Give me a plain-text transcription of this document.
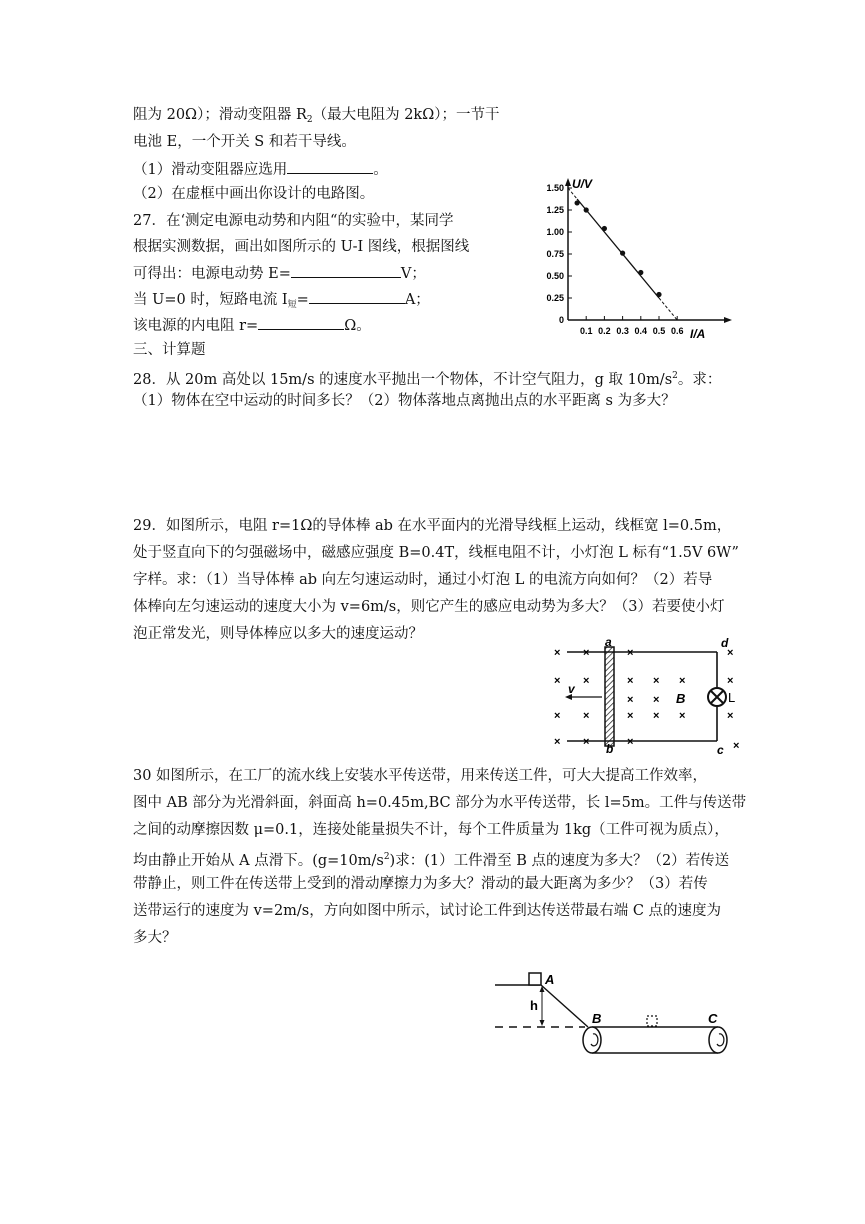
阻为 20Ω）；滑动变阻器 $R_2$（最大电阻为 2kΩ）；一节干
电池 E，一个开关 S 和若干导线。
（1）滑动变阻器应选用	。
（2）在虚框中画出你设计的电路图。
27．在‘测定电源电动势和内阻“的实验中，某同学
根据实测数据，画出如图所示的 U-I 图线，根据图线
可得出：电源电动势 E=	V；
当 U=0 时，短路电流 $I_短=$	A；
该电源的内电阻 r=	Ω。
三、计算题
28．从 20m 高处以 15m/s 的速度水平抛出一个物体，不计空气阻力，g 取 $10m/s^2$。求：
（1）物体在空中运动的时间多长？（2）物体落地点离抛出点的水平距离 s 为多大？
29．如图所示，电阻 r=1Ω的导体棒 ab 在水平面内的光滑导线框上运动，线框宽 l=0.5m，
处于竖直向下的匀强磁场中，磁感应强度 B=0.4T，线框电阻不计，小灯泡 L 标有“1.5V 6W”
字样。求：（1）当导体棒 ab 向左匀速运动时，通过小灯泡 L 的电流方向如何？（2）若导
体棒向左匀速运动的速度大小为 v=6m/s，则它产生的感应电动势为多大？（3）若要使小灯
泡正常发光，则导体棒应以多大的速度运动？
30 如图所示，在工厂的流水线上安装水平传送带，用来传送工件，可大大提高工作效率，
图中 AB 部分为光滑斜面，斜面高 h=0.45m,BC 部分为水平传送带，长 l=5m。工件与传送带
之间的动摩擦因数 μ=0.1，连接处能量损失不计，每个工件质量为 1kg（工件可视为质点），
均由静止开始从 A 点滑下。$(g=10m/s^2)$求：(1）工件滑至 B 点的速度为多大？（2）若传送
带静止，则工件在传送带上受到的滑动摩擦力为多大？滑动的最大距离为多少？（3）若传
送带运行的速度为 v=2m/s，方向如图中所示，试讨论工件到达传送带最右端 C 点的速度为
多大？
U/V
I/A
1.50
1.25
1.00
0.75
0.50
0.25
0
0.1 0.2 0.3 0.4 0.5 0.6
× ×	×	×
× ×	× × ×	×
× ×
× ×	× × ×	×
× ×	×	×
a
b	c
d
v
B	L
A
B	C
h
